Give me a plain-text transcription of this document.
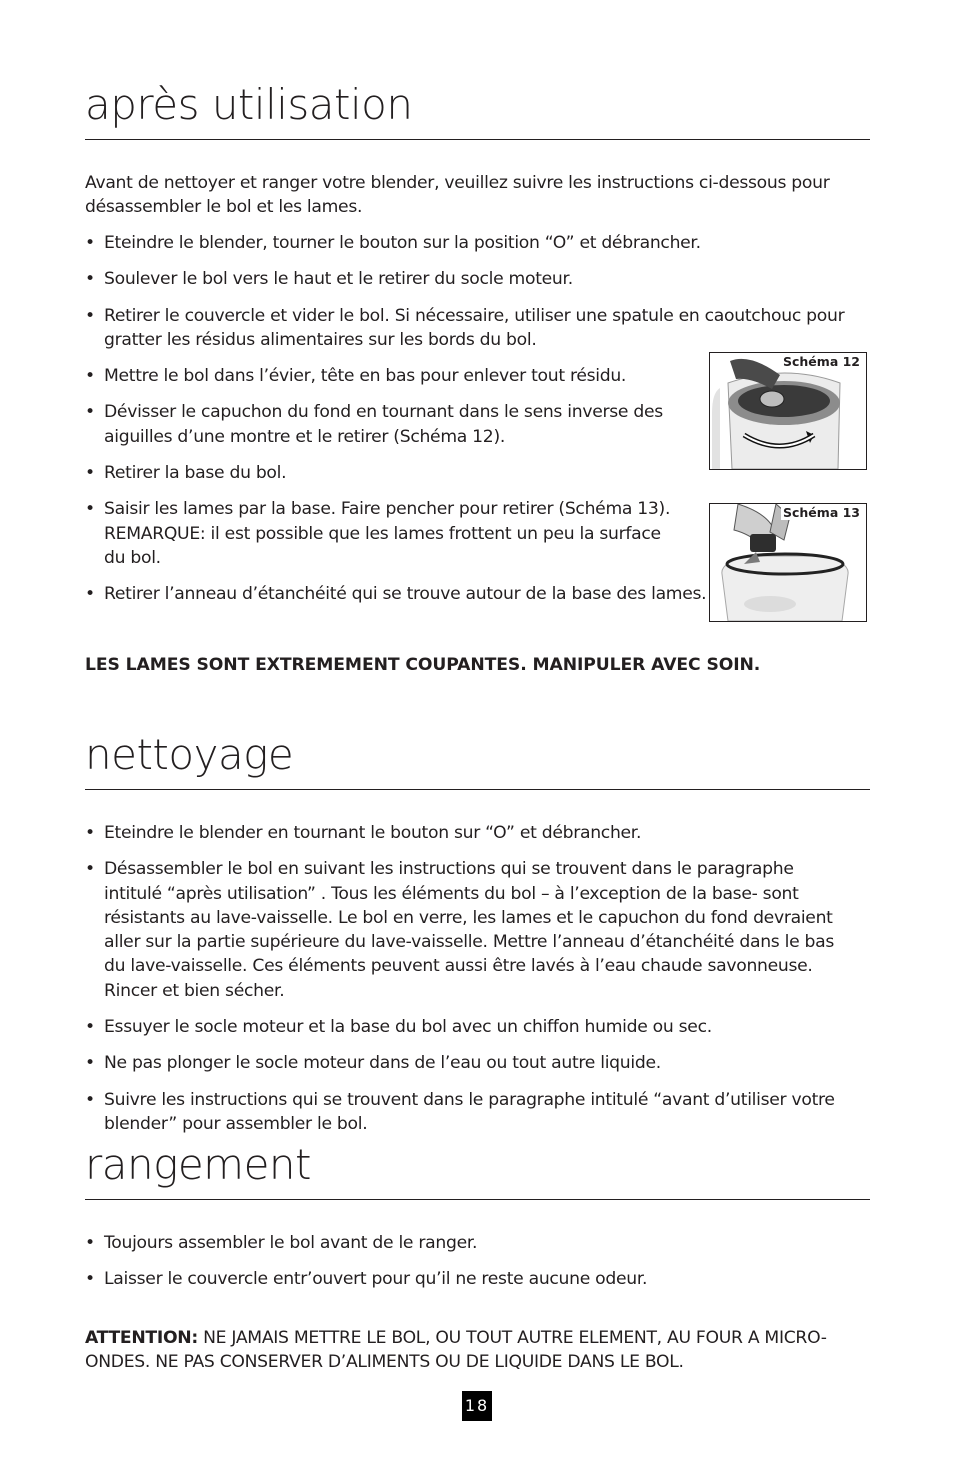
après utilisation

Avant de nettoyer et ranger votre blender, veuillez suivre les instructions ci-dessous pour désassembler le bol et les lames.

• Eteindre le blender, tourner le bouton sur la position “O” et débrancher.
• Soulever le bol vers le haut et le retirer du socle moteur.
• Retirer le couvercle et vider le bol. Si nécessaire, utiliser une spatule en caoutchouc pour gratter les résidus alimentaires sur les bords du bol.
• Mettre le bol dans l’évier, tête en bas pour enlever tout résidu.
• Dévisser le capuchon du fond en tournant dans le sens inverse des aiguilles d’une montre et le retirer (Schéma 12).
• Retirer la base du bol.
• Saisir les lames par la base. Faire pencher pour retirer (Schéma 13). REMARQUE: il est possible que les lames frottent un peu la surface du bol.
• Retirer l’anneau d’étanchéité qui se trouve autour de la base des lames.
LES LAMES SONT EXTREMEMENT COUPANTES. MANIPULER AVEC SOIN.
nettoyage
• Eteindre le blender en tournant le bouton sur “O” et débrancher.
• Désassembler le bol en suivant les instructions qui se trouvent dans le paragraphe intitulé “après utilisation” . Tous les éléments du bol – à l’exception de la base- sont résistants au lave-vaisselle. Le bol en verre, les lames et le capuchon du fond devraient aller sur la partie supérieure du lave-vaisselle. Mettre l’anneau d’étanchéité dans le bas du lave-vaisselle. Ces éléments peuvent aussi être lavés à l’eau chaude savonneuse. Rincer et bien sécher.
• Essuyer le socle moteur et la base du bol avec un chiffon humide ou sec.
• Ne pas plonger le socle moteur dans de l’eau ou tout autre liquide.
• Suivre les instructions qui se trouvent dans le paragraphe intitulé “avant d’utiliser votre blender” pour assembler le bol.
rangement
• Toujours assembler le bol avant de le ranger.
• Laisser le couvercle entr’ouvert pour qu’il ne reste aucune odeur.
ATTENTION: NE JAMAIS METTRE LE BOL, OU TOUT AUTRE ELEMENT, AU FOUR A MICRO-ONDES. NE PAS CONSERVER D’ALIMENTS OU DE LIQUIDE DANS LE BOL.
Schéma 12
Schéma 13
18
